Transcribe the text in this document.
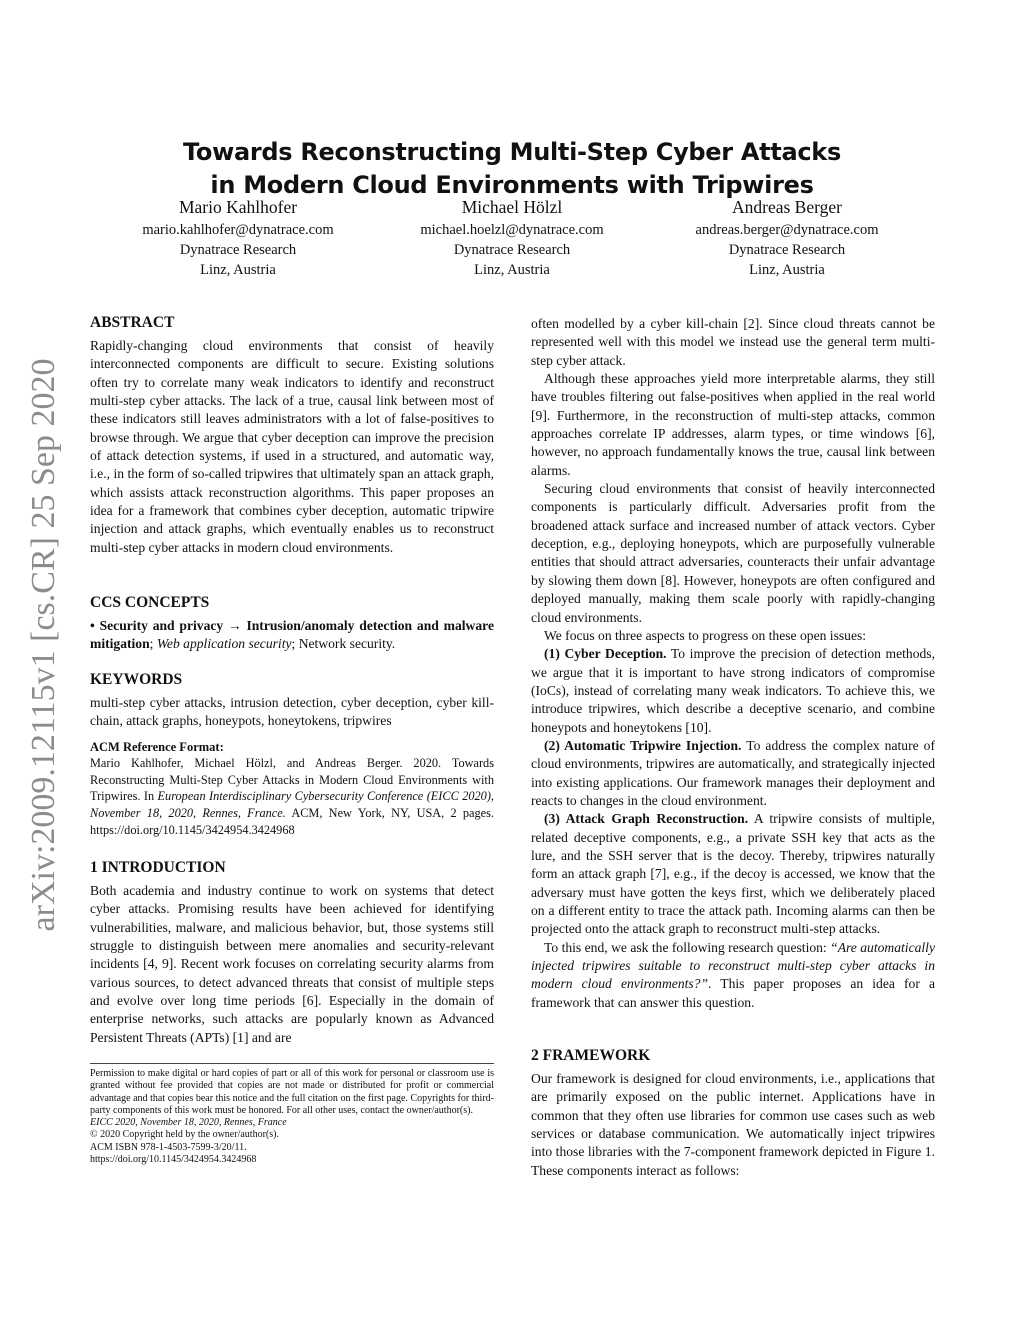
arXiv:2009.12115v1 [cs.CR] 25 Sep 2020
Towards Reconstructing Multi-Step Cyber Attacks
in Modern Cloud Environments with Tripwires
Mario Kahlhofer
mario.kahlhofer@dynatrace.com
Dynatrace Research
Linz, Austria
Michael Hölzl
michael.hoelzl@dynatrace.com
Dynatrace Research
Linz, Austria
Andreas Berger
andreas.berger@dynatrace.com
Dynatrace Research
Linz, Austria
ABSTRACT

Rapidly-changing cloud environments that consist of heavily interconnected components are difficult to secure. Existing solutions often try to correlate many weak indicators to identify and reconstruct multi-step cyber attacks. The lack of a true, causal link between most of these indicators still leaves administrators with a lot of false-positives to browse through. We argue that cyber deception can improve the precision of attack detection systems, if used in a structured, and automatic way, i.e., in the form of so-called tripwires that ultimately span an attack graph, which assists attack reconstruction algorithms. This paper proposes an idea for a framework that combines cyber deception, automatic tripwire injection and attack graphs, which eventually enables us to reconstruct multi-step cyber attacks in modern cloud environments.

CCS CONCEPTS

• Security and privacy → Intrusion/anomaly detection and malware mitigation; Web application security; Network security.

KEYWORDS

multi-step cyber attacks, intrusion detection, cyber deception, cyber kill-chain, attack graphs, honeypots, honeytokens, tripwires

ACM Reference Format:

Mario Kahlhofer, Michael Hölzl, and Andreas Berger. 2020. Towards Reconstructing Multi-Step Cyber Attacks in Modern Cloud Environments with Tripwires. In European Interdisciplinary Cybersecurity Conference (EICC 2020), November 18, 2020, Rennes, France. ACM, New York, NY, USA, 2 pages. https://doi.org/10.1145/3424954.3424968

1 INTRODUCTION

Both academia and industry continue to work on systems that detect cyber attacks. Promising results have been achieved for identifying vulnerabilities, malware, and malicious behavior, but, those systems still struggle to distinguish between mere anomalies and security-relevant incidents [4, 9]. Recent work focuses on correlating security alarms from various sources, to detect advanced threats that consist of multiple steps and evolve over long time periods [6]. Especially in the domain of enterprise networks, such attacks are popularly known as Advanced Persistent Threats (APTs) [1] and are

Permission to make digital or hard copies of part or all of this work for personal or classroom use is granted without fee provided that copies are not made or distributed for profit or commercial advantage and that copies bear this notice and the full citation on the first page. Copyrights for third-party components of this work must be honored. For all other uses, contact the owner/author(s).
EICC 2020, November 18, 2020, Rennes, France
© 2020 Copyright held by the owner/author(s).
ACM ISBN 978-1-4503-7599-3/20/11.
https://doi.org/10.1145/3424954.3424968

often modelled by a cyber kill-chain [2]. Since cloud threats cannot be represented well with this model we instead use the general term multi-step cyber attack.

Although these approaches yield more interpretable alarms, they still have troubles filtering out false-positives when applied in the real world [9]. Furthermore, in the reconstruction of multi-step attacks, common approaches correlate IP addresses, alarm types, or time windows [6], however, no approach fundamentally knows the true, causal link between alarms.

Securing cloud environments that consist of heavily interconnected components is particularly difficult. Adversaries profit from the broadened attack surface and increased number of attack vectors. Cyber deception, e.g., deploying honeypots, which are purposefully vulnerable entities that should attract adversaries, counteracts their unfair advantage by slowing them down [8]. However, honeypots are often configured and deployed manually, making them scale poorly with rapidly-changing cloud environments.

We focus on three aspects to progress on these open issues:

(1) Cyber Deception. To improve the precision of detection methods, we argue that it is important to have strong indicators of compromise (IoCs), instead of correlating many weak indicators. To achieve this, we introduce tripwires, which describe a deceptive scenario, and combine honeypots and honeytokens [10].

(2) Automatic Tripwire Injection. To address the complex nature of cloud environments, tripwires are automatically, and strategically injected into existing applications. Our framework manages their deployment and reacts to changes in the cloud environment.

(3) Attack Graph Reconstruction. A tripwire consists of multiple, related deceptive components, e.g., a private SSH key that acts as the lure, and the SSH server that is the decoy. Thereby, tripwires naturally form an attack graph [7], e.g., if the decoy is accessed, we know that the adversary must have gotten the keys first, which we deliberately placed on a different entity to trace the attack path. Incoming alarms can then be projected onto the attack graph to reconstruct multi-step attacks.

To this end, we ask the following research question: “Are automatically injected tripwires suitable to reconstruct multi-step cyber attacks in modern cloud environments?”. This paper proposes an idea for a framework that can answer this question.

2 FRAMEWORK

Our framework is designed for cloud environments, i.e., applications that are primarily exposed on the public internet. Applications have in common that they often use libraries for common use cases such as web services or database communication. We automatically inject tripwires into those libraries with the 7-component framework depicted in Figure 1. These components interact as follows:
